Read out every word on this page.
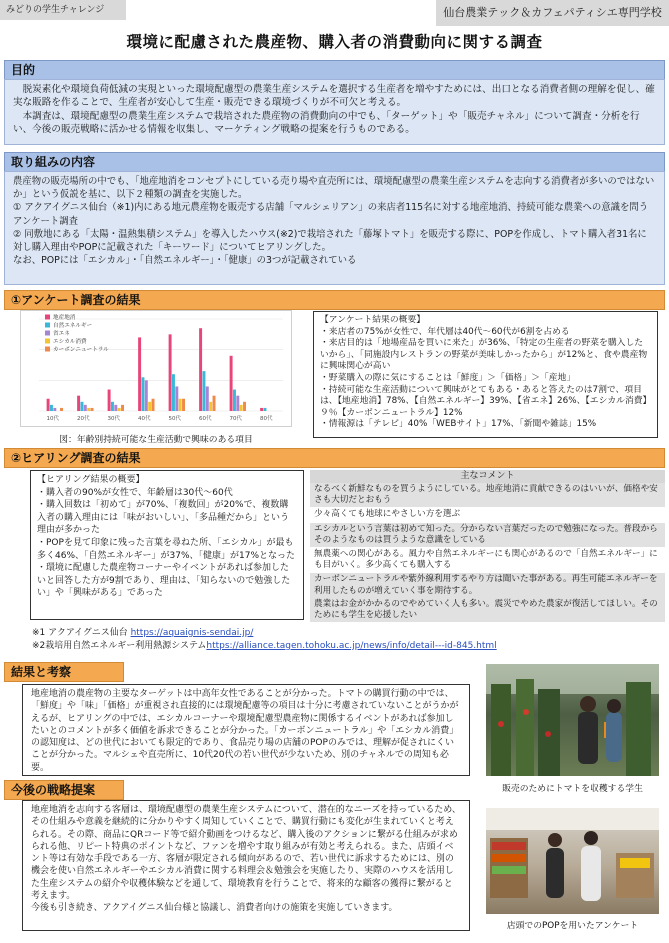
みどりの学生チャレンジ	仙台農業テック＆カフェパティシエ専門学校
環境に配慮された農産物、購入者の消費動向に関する調査
目的

脱炭素化や環境負荷低減の実現といった環境配慮型の農業生産システムを選択する生産者を増やすためには、出口となる消費者側の理解を促し、確実な販路を作ることで、生産者が安心して生産・販売できる環境づくりが不可欠と考える。

本調査は、環境配慮型の農業生産システムで栽培された農産物の消費動向の中でも、「ターゲット」や「販売チャネル」について調査・分析を行い、今後の販売戦略に活かせる情報を収集し、マーケティング戦略の提案を行うものである。

取り組みの内容
農産物の販売場所の中でも、「地産地消をコンセプトにしている売り場や直売所には、環境配慮型の農業生産システムを志向する消費者が多いのではないか」という仮説を基に、以下２種類の調査を実施した。
① アクアイグニス仙台（※1)内にある地元農産物を販売する店舗「マルシェリアン」の来店者115名に対する地産地消、持続可能な農業への意識を問うアンケート調査
② 同敷地にある「太陽・温熱集積システム」を導入したハウス(※2)で栽培された「藤塚トマト」を販売する際に、POPを作成し、トマト購入者31名に対し購入理由やPOPに記載された「キーワード」についてヒアリングした。
なお、POPには「エシカル」・「自然エネルギー」・「健康」の3つが記載されている
①アンケート調査の結果
10代	20代	30代	40代	50代	60代	70代	80代
地産地消
自然エネルギー
省エネ
エシカル消費
カーボンニュートラル
図：年齢別持続可能な生産活動で興味のある項目
【アンケート結果の概要】
・来店者の75%が女性で、年代層は40代〜60代が6割を占める
・来店目的は「地場産品を買いに来た」が36%、「特定の生産者の野菜を購入したいから」、「同施設内レストランの野菜が美味しかったから」が12%と、食や農産物に興味関心が高い
・野菜購入の際に気にすることは「鮮度」＞「価格」＞「産地」
・持続可能な生産活動について興味がとてもある・あると答えたのは7割で、項目は、【地産地消】78%、【自然エネルギー】39%、【省エネ】26%、【エシカル消費】９％【カーボンニュートラル】12%
・情報源は「テレビ」40%「WEBサイト」17%、「新聞や雑誌」15%
②ヒアリング調査の結果
【ヒアリング結果の概要】
・購入者の90%が女性で、年齢層は30代〜60代
・購入回数は「初めて」が70%、「複数回」が20%で、複数購入者の購入理由には「味がおいしい」、「多品種だから」という理由が多かった
・POPを見て印象に残った言葉を尋ねた所、「エシカル」が最も多く46%、「自然エネルギー」が37%、「健康」が17%となった
・環境に配慮した農産物コーナーやイベントがあれば参加したいと回答した方が9割であり、理由は、「知らないので勉強したい」や「興味がある」であった
主なコメント
なるべく新鮮なものを買うようにしている。地産地消に貢献できるのはいいが、価格や安さも大切だとおもう
少々高くても地球にやさしい方を選ぶ
エシカルという言葉は初めて知った。分からない言葉だったので勉強になった。普段からそのようなものは買うような意識をしている
無農薬への関心がある。風力や自然エネルギーにも関心があるので「自然エネルギー」にも目がいく。多少高くても購入する
カーボンニュートラルや紫外線利用するやり方は聞いた事がある。再生可能エネルギーを利用したものが増えていく事を期待する。
農業はお金がかかるのでやめていく人も多い。震災でやめた農家が復活してほしい。そのためにも学生を応援したい
※1 アクアイグニス仙台 https://aquaignis-sendai.jp/
※2栽培用自然エネルギー利用熱源システムhttps://alliance.tagen.tohoku.ac.jp/news/info/detail---id-845.html
結果と考察
地産地消の農産物の主要なターゲットは中高年女性であることが分かった。トマトの購買行動の中では、「鮮度」や「味」「価格」が重視され直接的には環境配慮等の項目は十分に考慮されていないことがうかがえるが、ヒアリングの中では、エシカルコーナーや環境配慮型農産物に関係するイベントがあれば参加したいとのコメントが多く価値を訴求できることが分かった。「カーボンニュートラル」や「エシカル消費」の認知度は、どの世代においても限定的であり、食品売り場の店舗のPOPのみでは、理解が促されにくいことが分かった。マルシェや直売所に、10代20代の若い世代が少ないため、別のチャネルでの周知も必要。
販売のためにトマトを収穫する学生
今後の戦略提案
地産地消を志向する客層は、環境配慮型の農業生産システムについて、潜在的なニーズを持っているため、その仕組みや意義を継続的に分かりやすく周知していくことで、購買行動にも変化が生まれていくと考えられる。その際、商品にQRコード等で紹介動画をつけるなど、購入後のアクションに繋がる仕組みが求められる他、リピート特典のポイントなど、ファンを増やす取り組みが有効と考えられる。また、店頭イベント等は有効な手段である一方、客層が限定される傾向があるので、若い世代に訴求するためには、別の機会を使い自然エネルギーやエシカル消費に関する料理会＆勉強会を実施したり、実際のハウスを活用した生産システムの紹介や収穫体験などを通して、環境教育を行うことで、将来的な顧客の獲得に繋がると考えます。
今後も引き続き、アクアイグニス仙台様と協議し、消費者向けの施策を実施していきます。
店頭でのPOPを用いたアンケート
